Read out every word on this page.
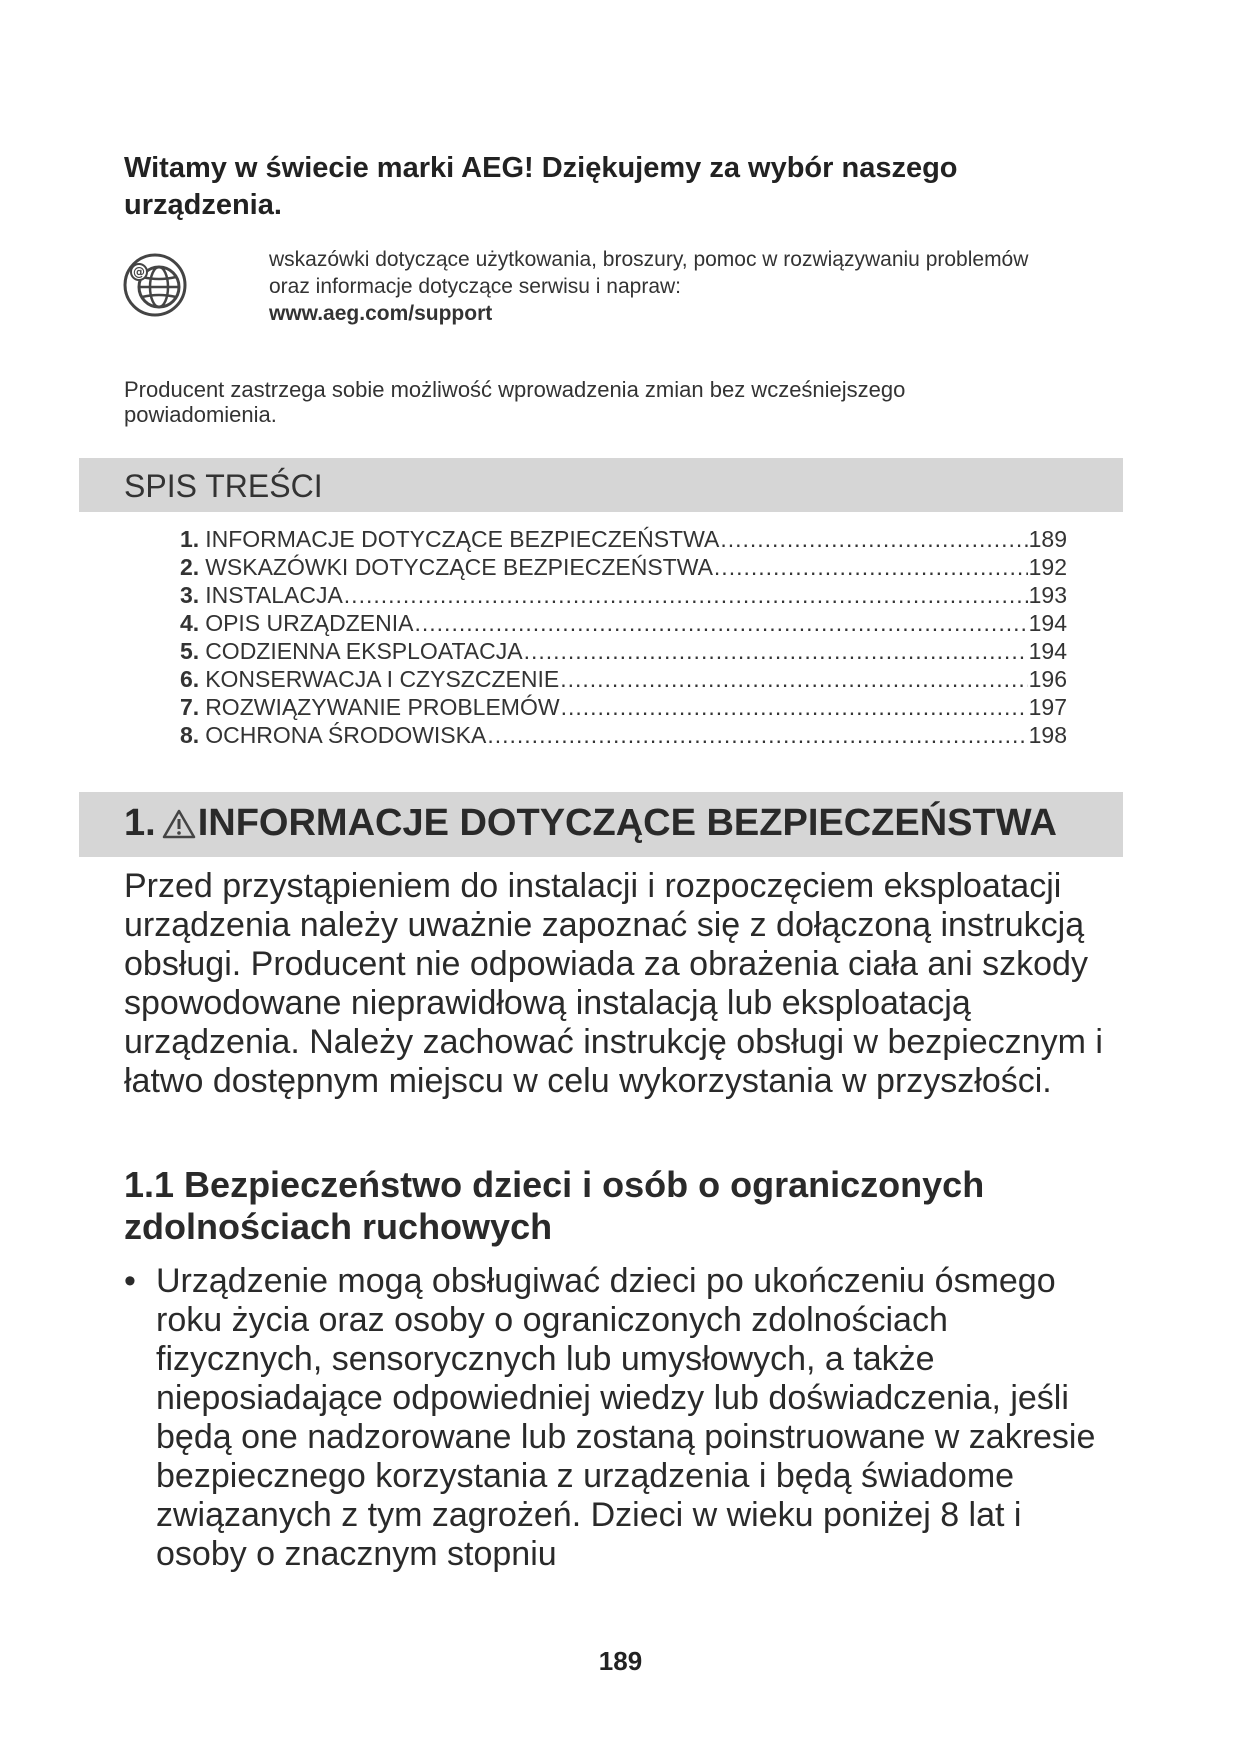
Witamy w świecie marki AEG! Dziękujemy za wybór naszego urządzenia.
@
wskazówki dotyczące użytkowania, broszury, pomoc w rozwiązywaniu problemów
oraz informacje dotyczące serwisu i napraw:
www.aeg.com/support
Producent zastrzega sobie możliwość wprowadzenia zmian bez wcześniejszego powiadomienia.
SPIS TREŚCI
1. INFORMACJE DOTYCZĄCE BEZPIECZEŃSTWA .....	189
2. WSKAZÓWKI DOTYCZĄCE BEZPIECZEŃSTWA .....	192
3. INSTALACJA .....	193
4. OPIS URZĄDZENIA .....	194
5. CODZIENNA EKSPLOATACJA .....	194
6. KONSERWACJA I CZYSZCZENIE .....	196
7. ROZWIĄZYWANIE PROBLEMÓW .....	197
8. OCHRONA ŚRODOWISKA .....	198
1. INFORMACJE DOTYCZĄCE BEZPIECZEŃSTWA
Przed przystąpieniem do instalacji i rozpoczęciem eksploatacji urządzenia należy uważnie zapoznać się z dołączoną instrukcją obsługi. Producent nie odpowiada za obrażenia ciała ani szkody spowodowane nieprawidłową instalacją lub eksploatacją urządzenia. Należy zachować instrukcję obsługi w bezpiecznym i łatwo dostępnym miejscu w celu wykorzystania w przyszłości.
1.1 Bezpieczeństwo dzieci i osób o ograniczonych zdolnościach ruchowych
• Urządzenie mogą obsługiwać dzieci po ukończeniu ósmego roku życia oraz osoby o ograniczonych zdolnościach fizycznych, sensorycznych lub umysłowych, a także nieposiadające odpowiedniej wiedzy lub doświadczenia, jeśli będą one nadzorowane lub zostaną poinstruowane w zakresie bezpiecznego korzystania z urządzenia i będą świadome związanych z tym zagrożeń. Dzieci w wieku poniżej 8 lat i osoby o znacznym stopniu
189
